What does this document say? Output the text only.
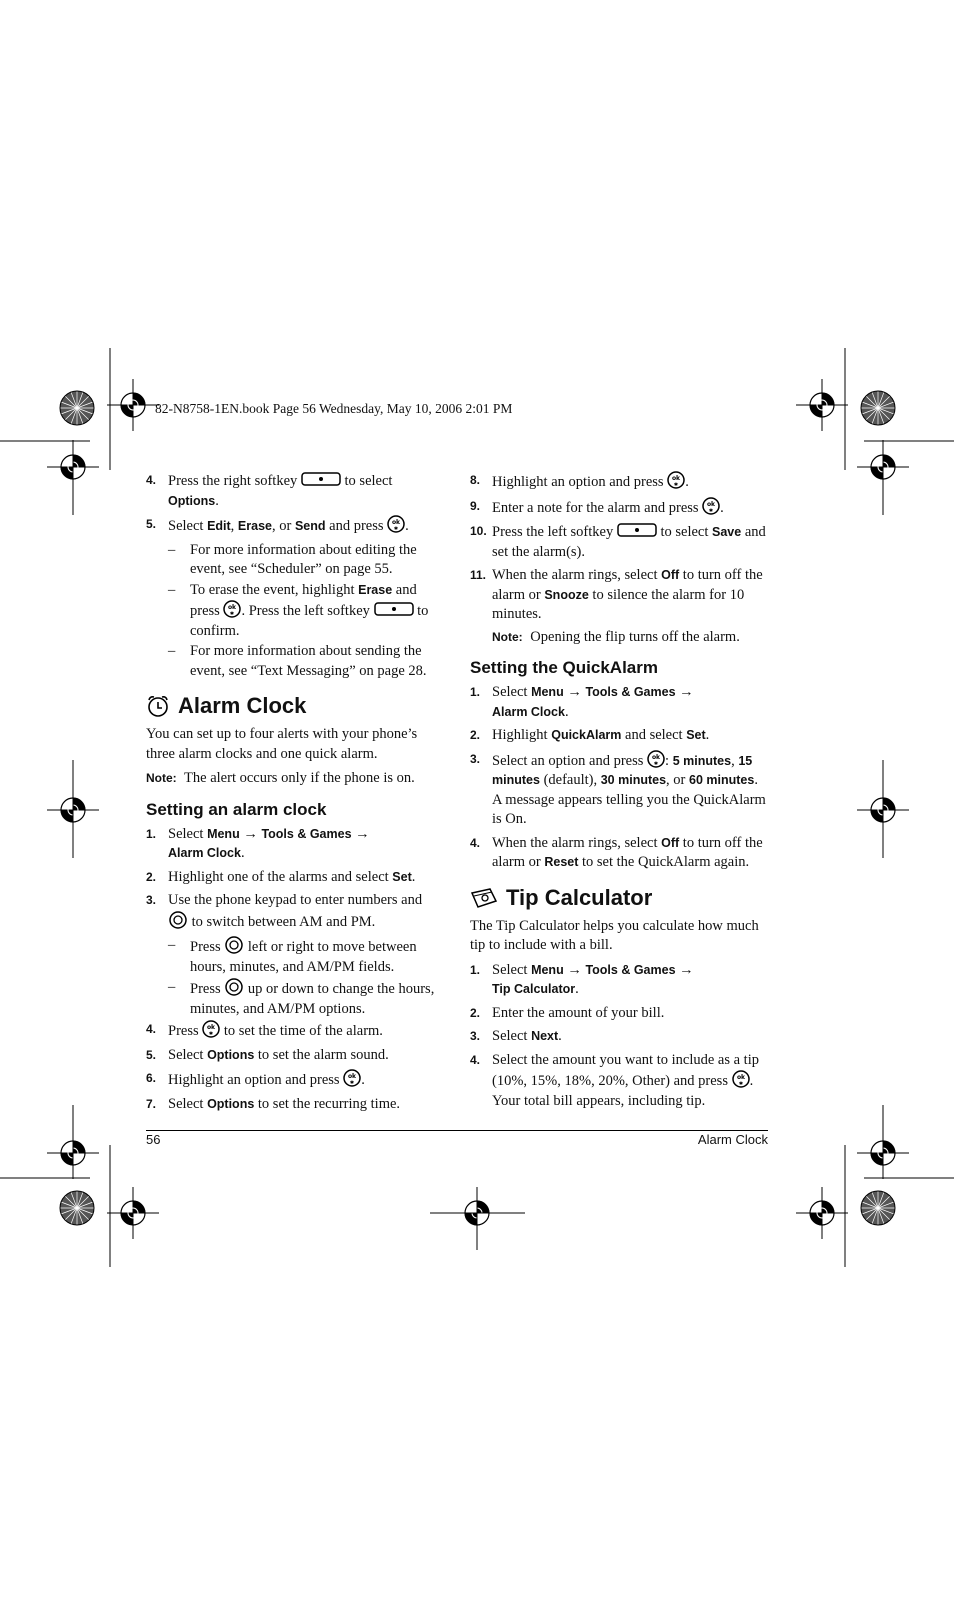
82-N8758-1EN.book Page 56 Wednesday, May 10, 2006 2:01 PM
4. Press the right softkey	to select Options.
5. Select Edit, Erase, or Send and press ok
✱ .
– For more information about editing the event, see “Scheduler” on page 55.
– To erase the event, highlight Erase and press ok
✱ . Press the left softkey	to confirm.
– For more information about sending the event, see “Text Messaging” on page 28.
Alarm Clock

You can set up to four alerts with your phone’s three alarm clocks and one quick alarm.

Note: The alert occurs only if the phone is on.

Setting an alarm clock
1. Select Menu → Tools & Games →
Alarm Clock.
2. Highlight one of the alarms and select Set.
3. Use the phone keypad to enter numbers and  to switch between AM and PM.
– Press left or right to move between hours, minutes, and AM/PM fields.
– Press up or down to change the hours, minutes, and AM/PM options.
4. Press ok
✱ to set the time of the alarm.
5. Select Options to set the alarm sound.
6. Highlight an option and press ok
✱ .
7. Select Options to set the recurring time.
8. Highlight an option and press ok
✱ .
9. Enter a note for the alarm and press ok
✱ .
10. Press the left softkey	to select Save and set the alarm(s).
11. When the alarm rings, select Off to turn off the alarm or Snooze to silence the alarm for 10 minutes.

Note: Opening the flip turns off the alarm.

Setting the QuickAlarm
1. Select Menu → Tools & Games →
Alarm Clock.
2. Highlight QuickAlarm and select Set.
3. Select an option and press ok
✱ : 5 minutes, 15 minutes (default), 30 minutes, or 60 minutes. A message appears telling you the QuickAlarm is On.
4. When the alarm rings, select Off to turn off the alarm or Reset to set the QuickAlarm again.
Tip Calculator

The Tip Calculator helps you calculate how much tip to include with a bill.

1. Select Menu → Tools & Games →
Tip Calculator.
2. Enter the amount of your bill.
3. Select Next.
4. Select the amount you want to include as a tip (10%, 15%, 18%, 20%, Other) and press ok
✱ . Your total bill appears, including tip.
56	Alarm Clock
